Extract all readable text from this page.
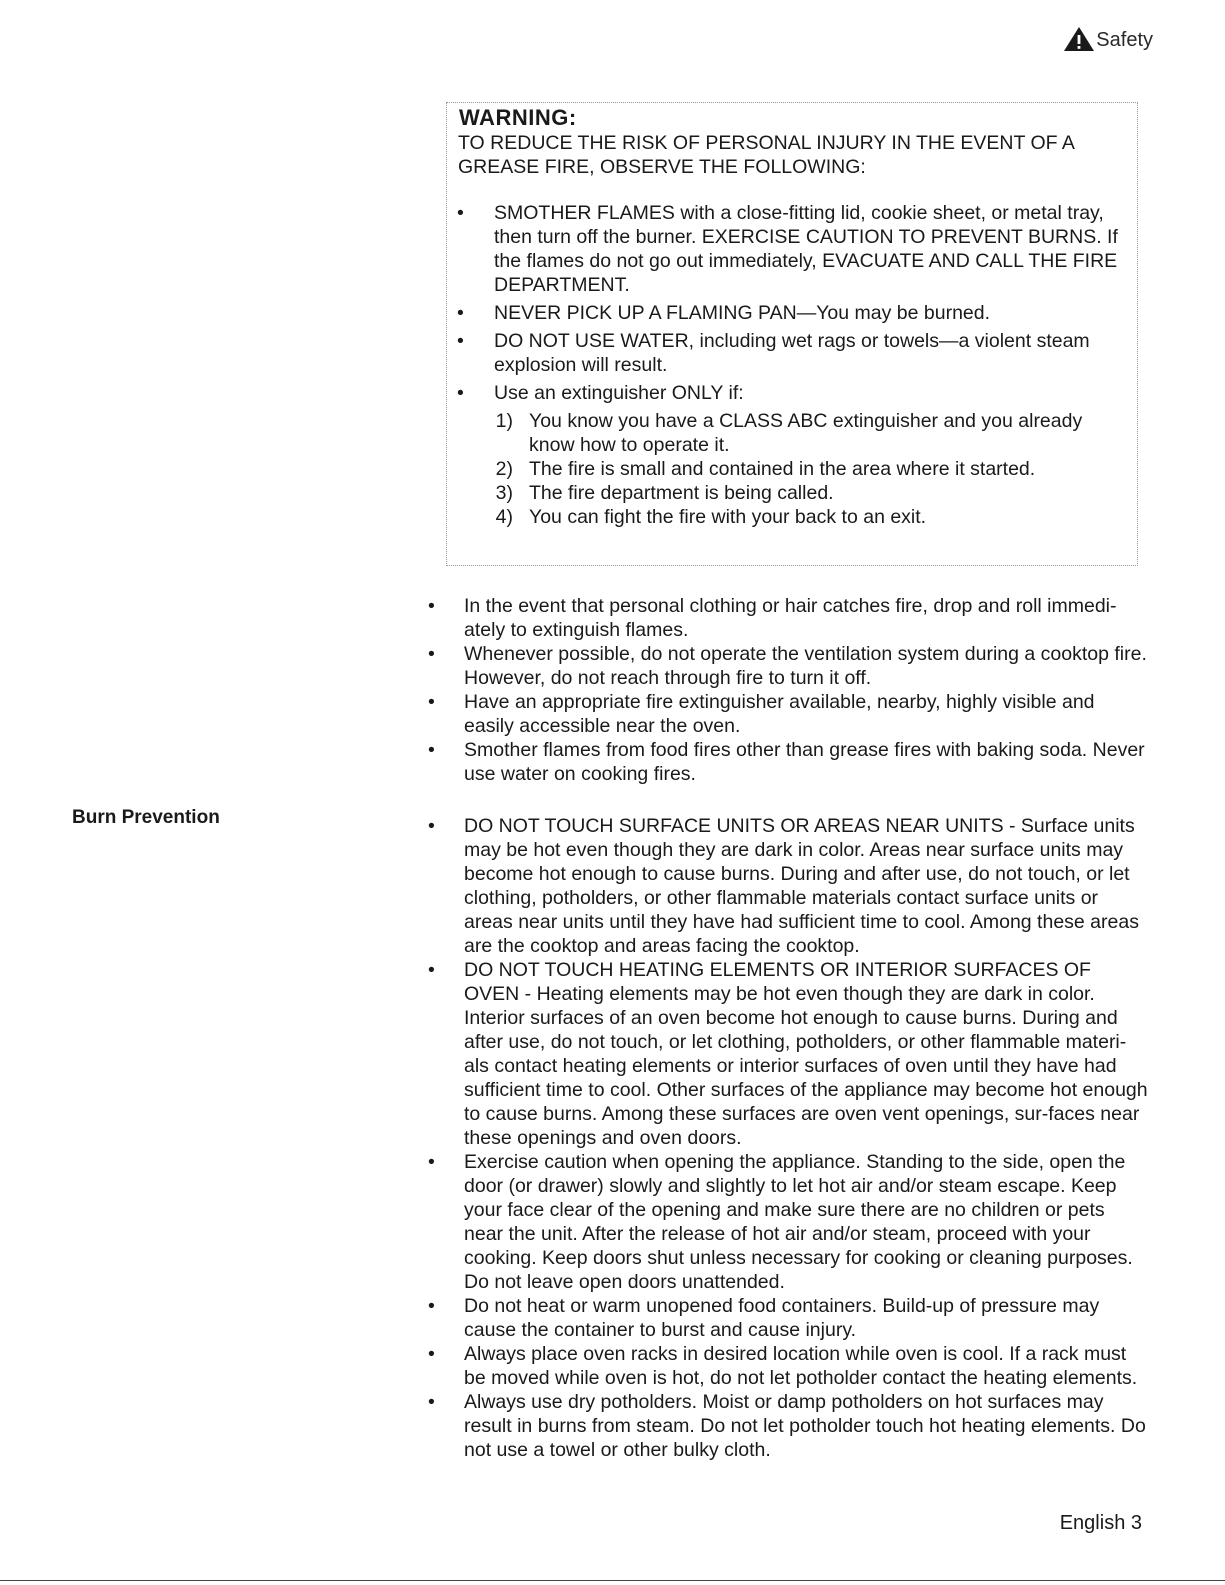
Safety
WARNING:
TO REDUCE THE RISK OF PERSONAL INJURY IN THE EVENT OF A GREASE FIRE, OBSERVE THE FOLLOWING:
•	SMOTHER FLAMES with a close-fitting lid, cookie sheet, or metal tray, then turn off the burner. EXERCISE CAUTION TO PREVENT BURNS. If the flames do not go out immediately, EVACUATE AND CALL THE FIRE DEPARTMENT.
•	NEVER PICK UP A FLAMING PAN—You may be burned.
•	DO NOT USE WATER, including wet rags or towels—a violent steam explosion will result.
•	Use an extinguisher ONLY if:
1) You know you have a CLASS ABC extinguisher and you already know how to operate it.
2) The fire is small and contained in the area where it started.
3) The fire department is being called.
4) You can fight the fire with your back to an exit.
•	In the event that personal clothing or hair catches fire, drop and roll immedi-ately to extinguish flames.
•	Whenever possible, do not operate the ventilation system during a cooktop fire. However, do not reach through fire to turn it off.
•	Have an appropriate fire extinguisher available, nearby, highly visible and easily accessible near the oven.
•	Smother flames from food fires other than grease fires with baking soda. Never use water on cooking fires.
•	DO NOT TOUCH SURFACE UNITS OR AREAS NEAR UNITS - Surface units may be hot even though they are dark in color. Areas near surface units may become hot enough to cause burns. During and after use, do not touch, or let clothing, potholders, or other flammable materials contact surface units or areas near units until they have had sufficient time to cool. Among these areas are the cooktop and areas facing the cooktop.
•	DO NOT TOUCH HEATING ELEMENTS OR INTERIOR SURFACES OF OVEN - Heating elements may be hot even though they are dark in color. Interior surfaces of an oven become hot enough to cause burns. During and after use, do not touch, or let clothing, potholders, or other flammable materi-als contact heating elements or interior surfaces of oven until they have had sufficient time to cool. Other surfaces of the appliance may become hot enough to cause burns. Among these surfaces are oven vent openings, sur-faces near these openings and oven doors.
•	Exercise caution when opening the appliance. Standing to the side, open the door (or drawer) slowly and slightly to let hot air and/or steam escape. Keep your face clear of the opening and make sure there are no children or pets near the unit. After the release of hot air and/or steam, proceed with your cooking. Keep doors shut unless necessary for cooking or cleaning purposes. Do not leave open doors unattended.
•	Do not heat or warm unopened food containers. Build-up of pressure may cause the container to burst and cause injury.
•	Always place oven racks in desired location while oven is cool. If a rack must be moved while oven is hot, do not let potholder contact the heating elements.
•	Always use dry potholders. Moist or damp potholders on hot surfaces may result in burns from steam. Do not let potholder touch hot heating elements. Do not use a towel or other bulky cloth.
Burn Prevention
English 3
